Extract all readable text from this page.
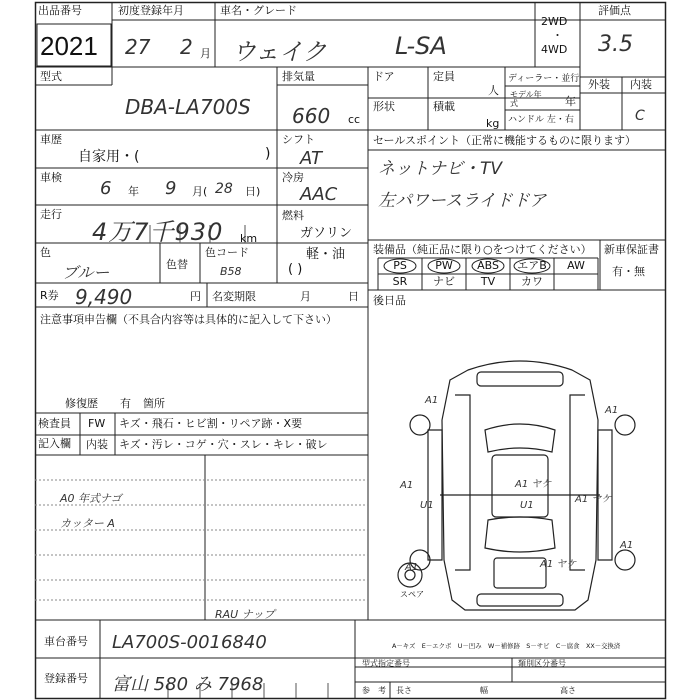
出品番号
2021
初度登録年月
27 2 月
車名・グレード
ウェイク	L-SA
2WD
・
4WD
評価点
3.5
外装 内装
C
型式
DBA-LA700S
排気量
660 cc
ドア	定員
人
ディーラー・並行
形状	積載
kg
モデル年式	年
ハンドル 左・右
車歴
自家用・(	)
シフト
AT
車検
6 年 9 月( 28 日)
冷房
AAC
走行
4万7千930 km
燃料
ガソリン
軽・油
( )
色
ブルー	色替
色コード
B58
R券 9,490	円 名変期限	月	日
注意事項申告欄（不具合内容等は具体的に記入して下さい）
修復歴 有 箇所
セールスポイント（正常に機能するものに限ります）
ネットナビ・TV
左パワースライドドア
装備品（純正品に限り○をつけてください）
PS	PW	ABS	エアB	AW
SR	ナビ	TV	カワ
新車保証書
有・無
後日品
検査員
記入欄
FW キズ・飛石・ヒビ割・リペア跡・X要
内装 キズ・汚レ・コゲ・穴・スレ・キレ・破レ
A0 年式ナゴ
カッター A
RAU ナップ
A1
A1
A1
U1
A1 ヤケ
U1
A1 ヤケ
A1
A1
A1 ヤケ
スペア
A－キズ　E－エクボ　U－凹み　W－補修跡　S－サビ　C－腐食　XX－交換済
車台番号 LA700S-0016840
登録番号 富山 580 み 7968
型式指定番号	類別区分番号
参　考 長さ	幅	高さ
